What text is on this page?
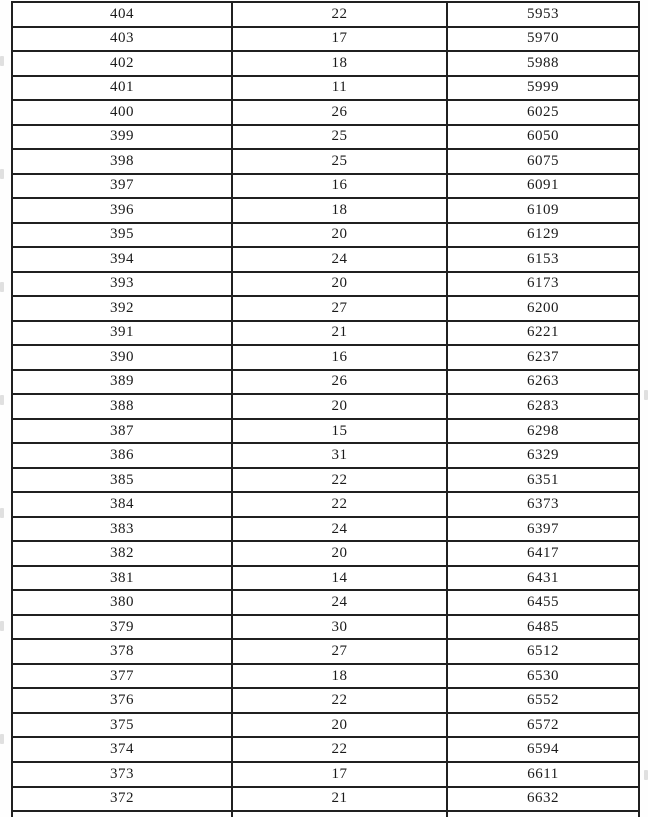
404	22	5953
403	17	5970
402	18	5988
401	11	5999
400	26	6025
399	25	6050
398	25	6075
397	16	6091
396	18	6109
395	20	6129
394	24	6153
393	20	6173
392	27	6200
391	21	6221
390	16	6237
389	26	6263
388	20	6283
387	15	6298
386	31	6329
385	22	6351
384	22	6373
383	24	6397
382	20	6417
381	14	6431
380	24	6455
379	30	6485
378	27	6512
377	18	6530
376	22	6552
375	20	6572
374	22	6594
373	17	6611
372	21	6632
